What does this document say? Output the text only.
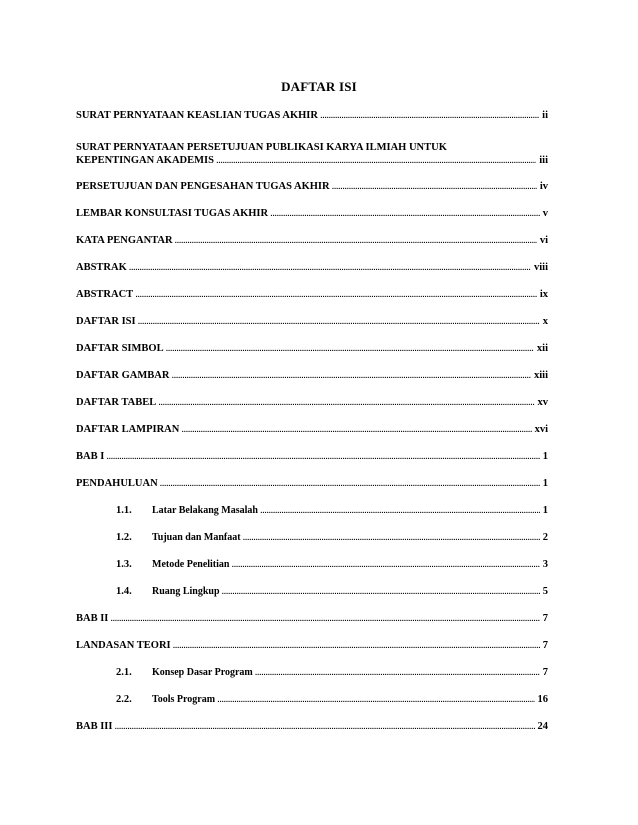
DAFTAR ISI
SURAT PERNYATAAN KEASLIAN TUGAS AKHIR .....	ii
SURAT PERNYATAAN PERSETUJUAN PUBLIKASI KARYA ILMIAH UNTUK
KEPENTINGAN AKADEMIS .....	iii
PERSETUJUAN DAN PENGESAHAN TUGAS AKHIR .....	iv
LEMBAR KONSULTASI TUGAS AKHIR .....	v
KATA PENGANTAR .....	vi
ABSTRAK .....	viii
ABSTRACT .....	ix
DAFTAR ISI .....	x
DAFTAR SIMBOL .....	xii
DAFTAR GAMBAR .....	xiii
DAFTAR TABEL .....	xv
DAFTAR LAMPIRAN .....	xvi
BAB I .....	1
PENDAHULUAN .....	1
1.1.	Latar Belakang Masalah .....	1
1.2.	Tujuan dan Manfaat .....	2
1.3.	Metode Penelitian .....	3
1.4.	Ruang Lingkup .....	5
BAB II .....	7
LANDASAN TEORI .....	7
2.1.	Konsep Dasar Program .....	7
2.2.	Tools Program .....	16
BAB III .....	24
